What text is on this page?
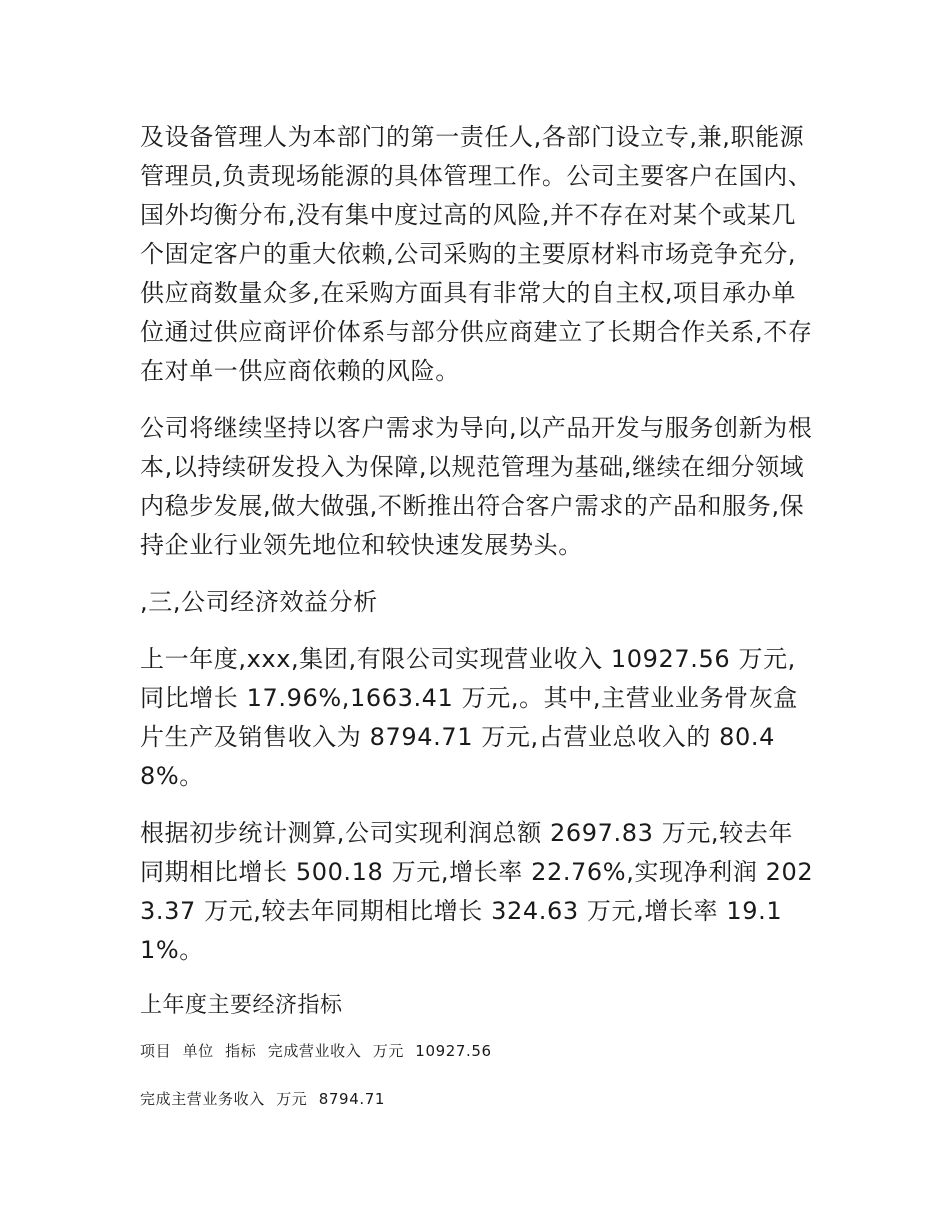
及设备管理人为本部门的第一责任人,各部门设立专,兼,职能源管理员,负责现场能源的具体管理工作。公司主要客户在国内、国外均衡分布,没有集中度过高的风险,并不存在对某个或某几个固定客户的重大依赖,公司采购的主要原材料市场竞争充分,供应商数量众多,在采购方面具有非常大的自主权,项目承办单位通过供应商评价体系与部分供应商建立了长期合作关系,不存在对单一供应商依赖的风险。

公司将继续坚持以客户需求为导向,以产品开发与服务创新为根本,以持续研发投入为保障,以规范管理为基础,继续在细分领域内稳步发展,做大做强,不断推出符合客户需求的产品和服务,保持企业行业领先地位和较快速发展势头。

,三,公司经济效益分析

上一年度,xxx,集团,有限公司实现营业收入 10927.56 万元,同比增长 17.96%,1663.41 万元,。其中,主营业业务骨灰盒片生产及销售收入为 8794.71 万元,占营业总收入的 80.48%。

根据初步统计测算,公司实现利润总额 2697.83 万元,较去年同期相比增长 500.18 万元,增长率 22.76%,实现净利润 2023.37 万元,较去年同期相比增长 324.63 万元,增长率 19.11%。

上年度主要经济指标

项目 单位 指标 完成营业收入 万元 10927.56
完成主营业务收入 万元 8794.71
